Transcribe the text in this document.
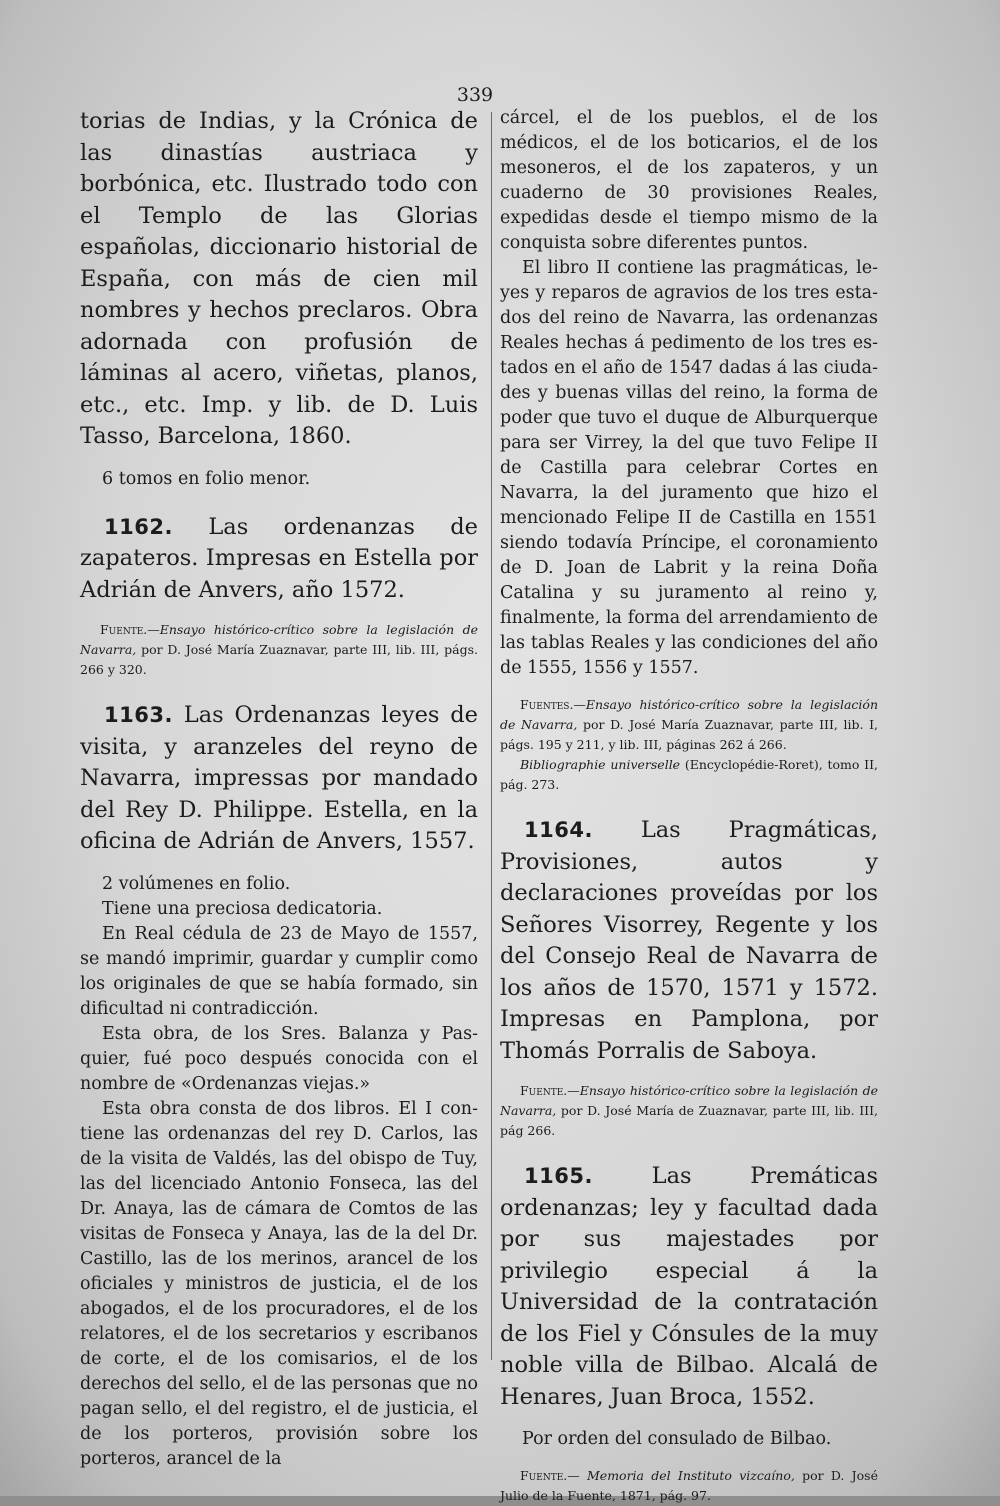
339

torias de Indias, y la Crónica de las dinastías austriaca y borbónica, etc. Ilustrado todo con el Templo de las Glorias españolas, diccionario historial de España, con más de cien mil nombres y hechos preclaros. Obra adornada con profusión de láminas al acero, viñetas, planos, etc., etc. Imp. y lib. de D. Luis Tasso, Barcelona, 1860.

6 tomos en folio menor.

1162. Las ordenanzas de zapateros. Impresas en Estella por Adrián de Anvers, año 1572.

Fuente.—Ensayo histórico-crítico sobre la legislación de Navarra, por D. José María Zuaznavar, parte III, lib. III, págs. 266 y 320.

1163. Las Ordenanzas leyes de visita, y aranzeles del reyno de Navarra, impressas por mandado del Rey D. Philippe. Estella, en la oficina de Adrián de Anvers, 1557.

2 volúmenes en folio.

Tiene una preciosa dedicatoria.

En Real cédula de 23 de Mayo de 1557, se mandó imprimir, guardar y cumplir como los originales de que se había formado, sin dificultad ni contradicción.

Esta obra, de los Sres. Balanza y Pasquier, fué poco después conocida con el nombre de «Ordenanzas viejas.»

Esta obra consta de dos libros. El I contiene las ordenanzas del rey D. Carlos, las de la visita de Valdés, las del obispo de Tuy, las del licenciado Antonio Fonseca, las del Dr. Anaya, las de cámara de Comtos de las visitas de Fonseca y Anaya, las de la del Dr. Castillo, las de los merinos, arancel de los oficiales y ministros de justicia, el de los abogados, el de los procuradores, el de los relatores, el de los secretarios y escribanos de corte, el de los comisarios, el de los derechos del sello, el de las personas que no pagan sello, el del registro, el de justicia, el de los porteros, provisión sobre los porteros, arancel de la

cárcel, el de los pueblos, el de los médicos, el de los boticarios, el de los mesoneros, el de los zapateros, y un cuaderno de 30 provisiones Reales, expedidas desde el tiempo mismo de la conquista sobre diferentes puntos.

El libro II contiene las pragmáticas, leyes y reparos de agravios de los tres estados del reino de Navarra, las ordenanzas Reales hechas á pedimento de los tres estados en el año de 1547 dadas á las ciudades y buenas villas del reino, la forma de poder que tuvo el duque de Alburquerque para ser Virrey, la del que tuvo Felipe II de Castilla para celebrar Cortes en Navarra, la del juramento que hizo el mencionado Felipe II de Castilla en 1551 siendo todavía Príncipe, el coronamiento de D. Joan de Labrit y la reina Doña Catalina y su juramento al reino y, finalmente, la forma del arrendamiento de las tablas Reales y las condiciones del año de 1555, 1556 y 1557.

Fuentes.—Ensayo histórico-crítico sobre la legislación de Navarra, por D. José María Zuaznavar, parte III, lib. I, págs. 195 y 211, y lib. III, páginas 262 á 266.

Bibliographie universelle (Encyclopédie-Roret), tomo II, pág. 273.

1164. Las Pragmáticas, Provisiones, autos y declaraciones proveídas por los Señores Visorrey, Regente y los del Consejo Real de Navarra de los años de 1570, 1571 y 1572. Impresas en Pamplona, por Thomás Porralis de Saboya.

Fuente.—Ensayo histórico-crítico sobre la legislación de Navarra, por D. José María de Zuaznavar, parte III, lib. III, pág 266.

1165.	Las Premáticas ordenanzas; ley y facultad dada por sus majestades por privilegio especial á la Universidad de la contratación de los Fiel y Cónsules de la muy noble villa de Bilbao. Alcalá de Henares, Juan Broca, 1552.

Por orden del consulado de Bilbao.

Fuente.— Memoria del Instituto vizcaíno, por D. José Julio de la Fuente, 1871, pág. 97.
